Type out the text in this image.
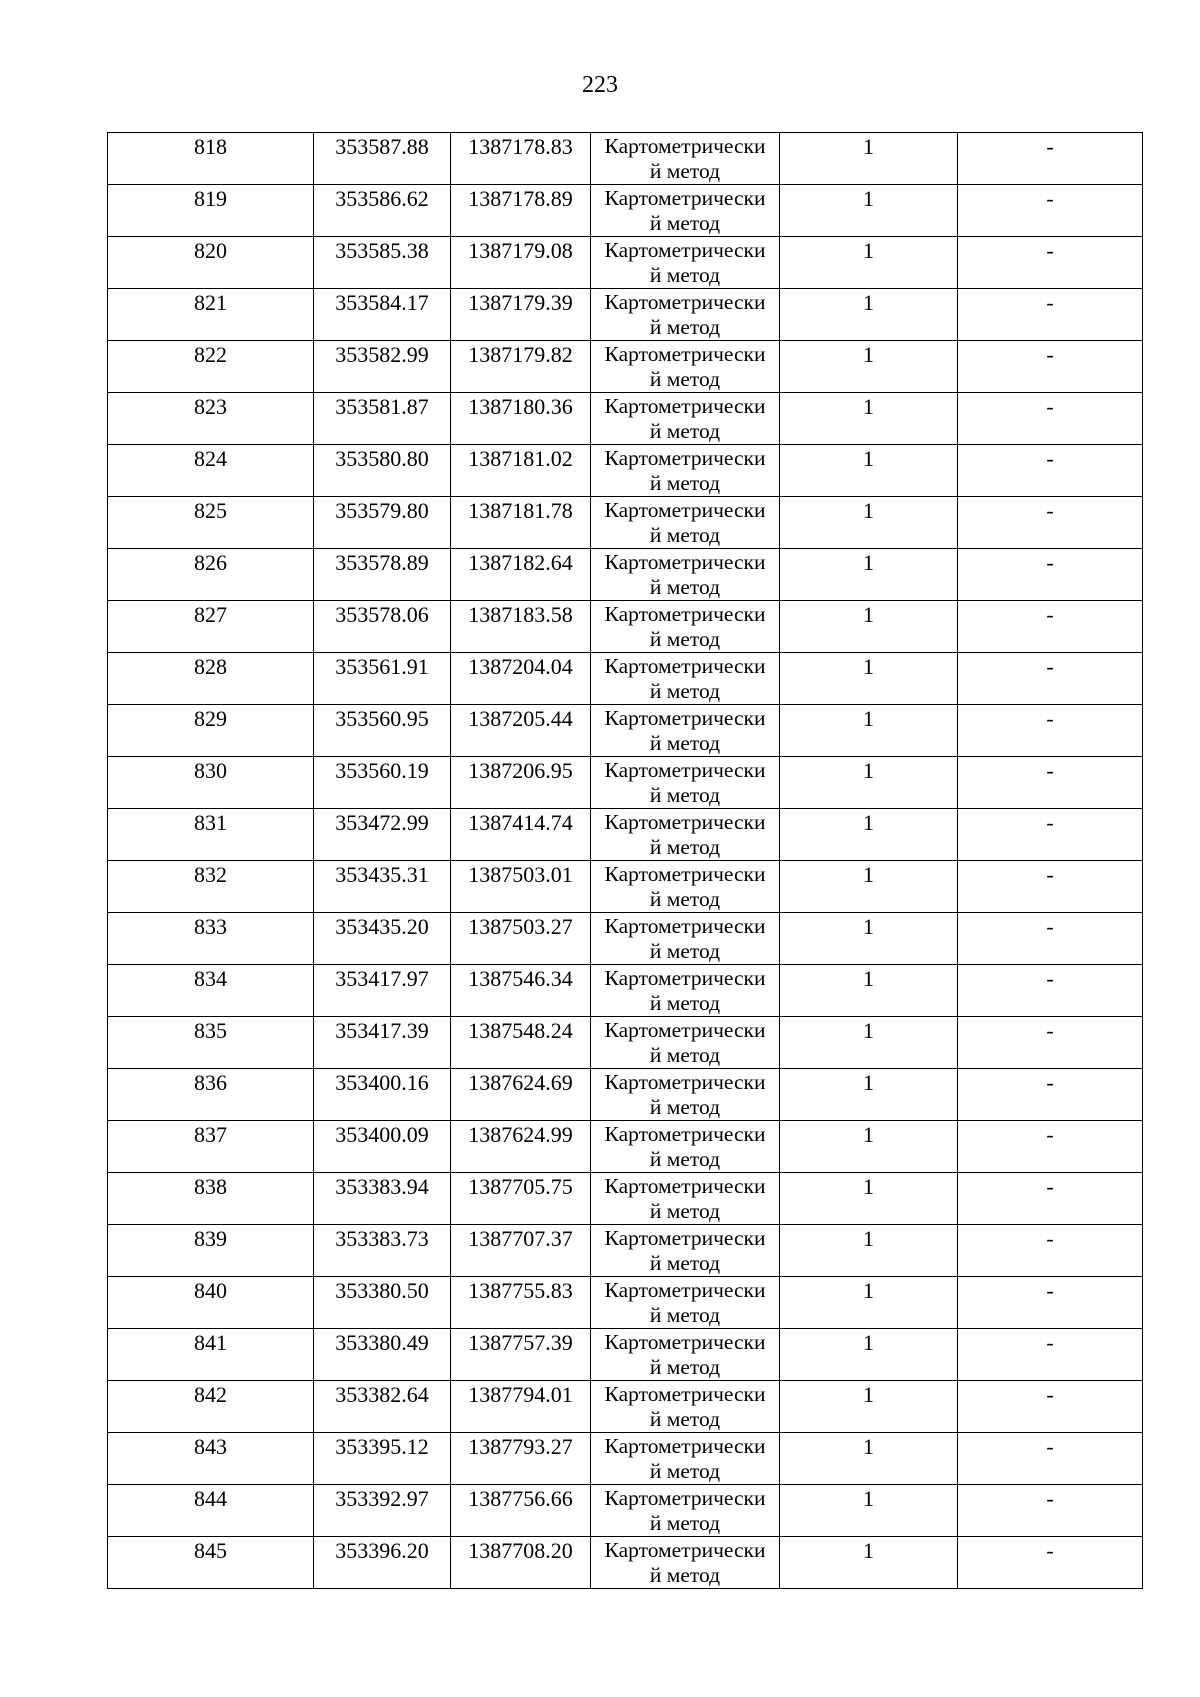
223
818	353587.88	1387178.83	Картометрически
й метод	1	-

819	353586.62	1387178.89	Картометрически
й метод	1	-

820	353585.38	1387179.08	Картометрически
й метод	1	-

821	353584.17	1387179.39	Картометрически
й метод	1	-

822	353582.99	1387179.82	Картометрически
й метод	1	-

823	353581.87	1387180.36	Картометрически
й метод	1	-

824	353580.80	1387181.02	Картометрически
й метод	1	-

825	353579.80	1387181.78	Картометрически
й метод	1	-

826	353578.89	1387182.64	Картометрически
й метод	1	-

827	353578.06	1387183.58	Картометрически
й метод	1	-

828	353561.91	1387204.04	Картометрически
й метод	1	-

829	353560.95	1387205.44	Картометрически
й метод	1	-

830	353560.19	1387206.95	Картометрически
й метод	1	-

831	353472.99	1387414.74	Картометрически
й метод	1	-

832	353435.31	1387503.01	Картометрически
й метод	1	-

833	353435.20	1387503.27	Картометрически
й метод	1	-

834	353417.97	1387546.34	Картометрически
й метод	1	-

835	353417.39	1387548.24	Картометрически
й метод	1	-

836	353400.16	1387624.69	Картометрически
й метод	1	-

837	353400.09	1387624.99	Картометрически
й метод	1	-

838	353383.94	1387705.75	Картометрически
й метод	1	-

839	353383.73	1387707.37	Картометрически
й метод	1	-

840	353380.50	1387755.83	Картометрически
й метод	1	-

841	353380.49	1387757.39	Картометрически
й метод	1	-

842	353382.64	1387794.01	Картометрически
й метод	1	-

843	353395.12	1387793.27	Картометрически
й метод	1	-

844	353392.97	1387756.66	Картометрически
й метод	1	-

845	353396.20	1387708.20	Картометрически
й метод	1	-
